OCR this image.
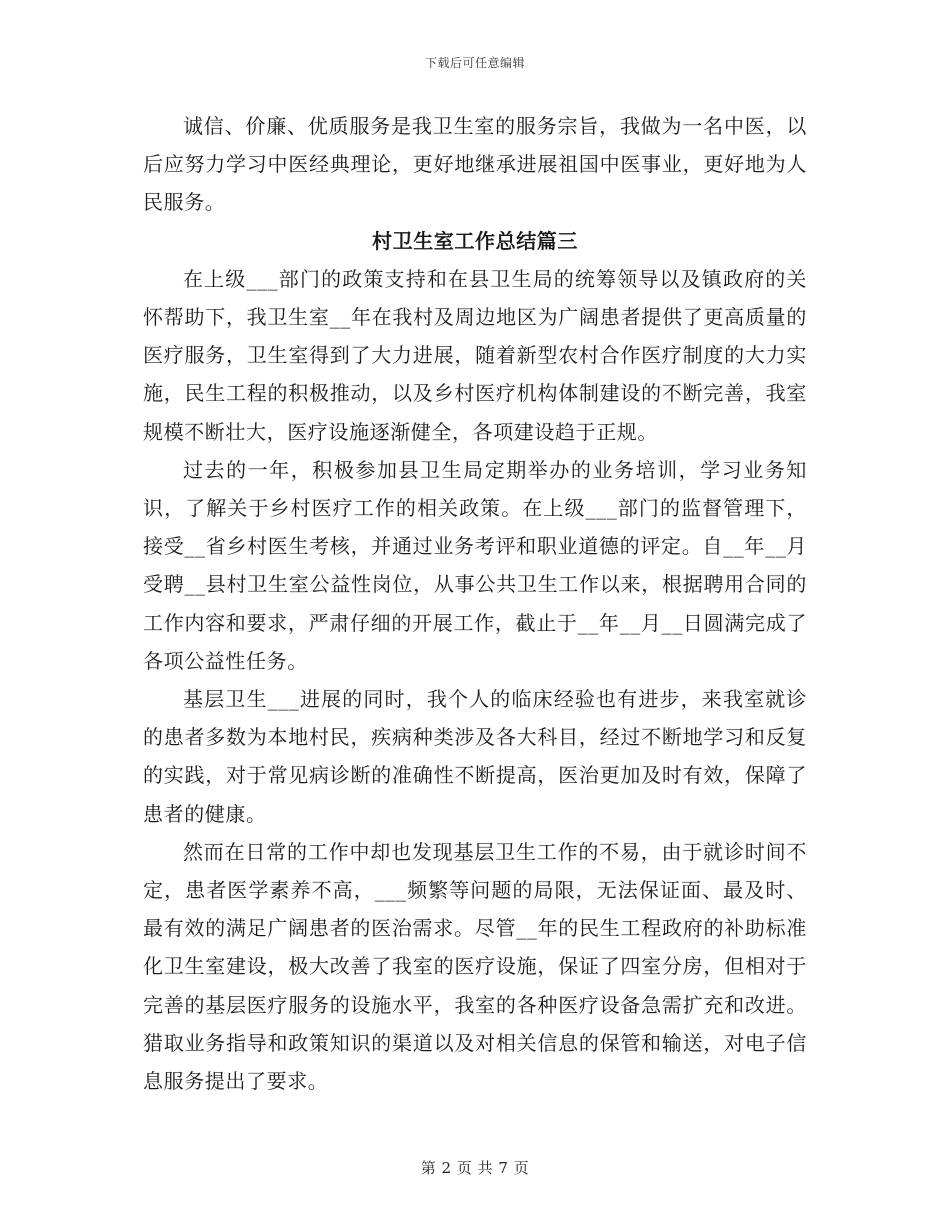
下载后可任意编辑

诚信、价廉、优质服务是我卫生室的服务宗旨，我做为一名中医，以后应努力学习中医经典理论，更好地继承进展祖国中医事业，更好地为人民服务。

村卫生室工作总结篇三

在上级___部门的政策支持和在县卫生局的统筹领导以及镇政府的关怀帮助下，我卫生室__年在我村及周边地区为广阔患者提供了更高质量的医疗服务，卫生室得到了大力进展，随着新型农村合作医疗制度的大力实施，民生工程的积极推动，以及乡村医疗机构体制建设的不断完善，我室规模不断壮大，医疗设施逐渐健全，各项建设趋于正规。

过去的一年，积极参加县卫生局定期举办的业务培训，学习业务知识，了解关于乡村医疗工作的相关政策。在上级___部门的监督管理下，接受__省乡村医生考核，并通过业务考评和职业道德的评定。自__年__月受聘__县村卫生室公益性岗位，从事公共卫生工作以来，根据聘用合同的工作内容和要求，严肃仔细的开展工作，截止于__年__月__日圆满完成了各项公益性任务。

基层卫生___进展的同时，我个人的临床经验也有进步，来我室就诊的患者多数为本地村民，疾病种类涉及各大科目，经过不断地学习和反复的实践，对于常见病诊断的准确性不断提高，医治更加及时有效，保障了患者的健康。

然而在日常的工作中却也发现基层卫生工作的不易，由于就诊时间不定，患者医学素养不高，___频繁等问题的局限，无法保证面、最及时、最有效的满足广阔患者的医治需求。尽管__年的民生工程政府的补助标准化卫生室建设，极大改善了我室的医疗设施，保证了四室分房，但相对于完善的基层医疗服务的设施水平，我室的各种医疗设备急需扩充和改进。猎取业务指导和政策知识的渠道以及对相关信息的保管和输送，对电子信息服务提出了要求。

第 2 页 共 7 页
